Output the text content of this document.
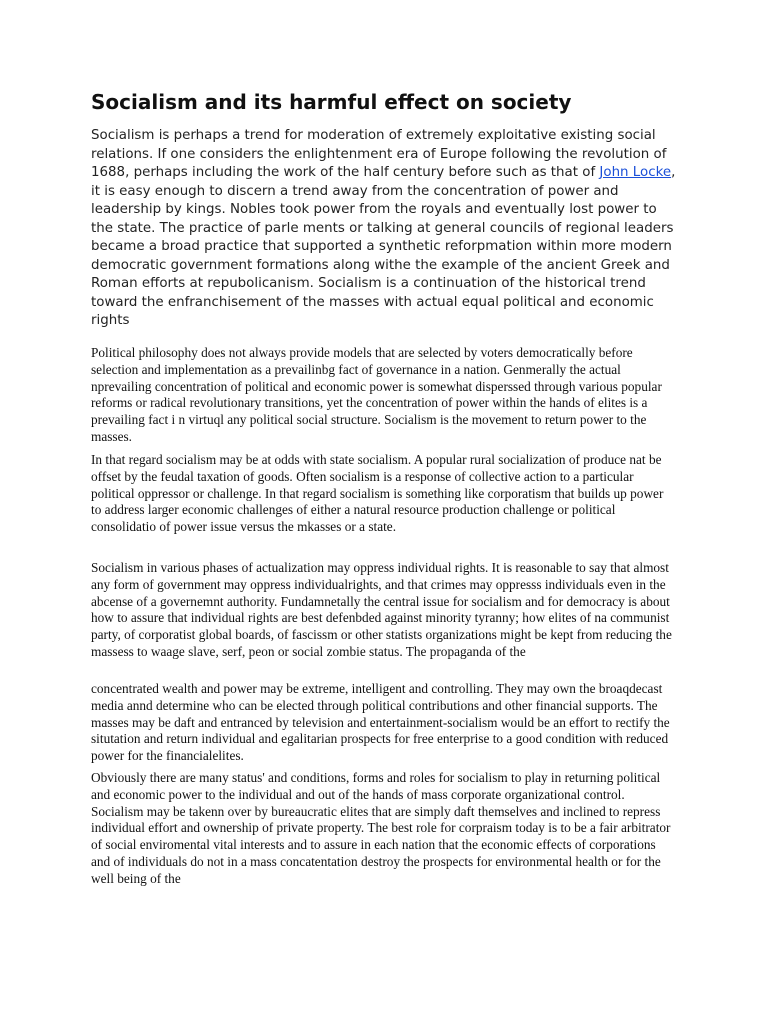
Socialism and its harmful effect on society

Socialism is perhaps a trend for moderation of extremely exploitative existing social relations. If one considers the enlightenment era of Europe following the revolution of 1688, perhaps including the work of the half century before such as that of John Locke, it is easy enough to discern a trend away from the concentration of power and leadership by kings. Nobles took power from the royals and eventually lost power to the state. The practice of parle ments or talking at general councils of regional leaders became a broad practice that supported a synthetic reforpmation within more modern democratic government formations along withe the example of the ancient Greek and Roman efforts at repubolicanism. Socialism is a continuation of the historical trend toward the enfranchisement of the masses with actual equal political and economic rights

Political philosophy does not always provide models that are selected by voters democratically before selection and implementation as a prevailinbg fact of governance in a nation. Genmerally the actual nprevailing concentration of political and economic power is somewhat disperssed through various popular reforms or radical revolutionary transitions, yet the concentration of power within the hands of elites is a prevailing fact i n virtuql any political social structure. Socialism is the movement to return power to the masses.

In that regard socialism may be at odds with state socialism. A popular rural socialization of produce nat be offset by the feudal taxation of goods. Often socialism is a response of collective action to a particular political oppressor or challenge. In that regard socialism is something like corporatism that builds up power to address larger economic challenges of either a natural resource production challenge or political consolidatio of power issue versus the mkasses or a state.

Socialism in various phases of actualization may oppress individual rights. It is reasonable to say that almost any form of government may oppress individualrights, and that crimes may oppresss individuals even in the abcense of a governemnt authority. Fundamnetally the central issue for socialism and for democracy is about how to assure that individual rights are best defenbded against minority tyranny; how elites of na communist party, of corporatist global boards, of fascissm or other statists organizations might be kept from reducing the massess to waage slave, serf, peon or social zombie status. The propaganda of the

concentrated wealth and power may be extreme, intelligent and controlling. They may own the broaqdecast media annd determine who can be elected through political contributions and other financial supports. The masses may be daft and entranced by television and entertainment-socialism would be an effort to rectify the situtation and return individual and egalitarian prospects for free enterprise to a good condition with reduced power for the financialelites.

Obviously there are many status' and conditions, forms and roles for socialism to play in returning political and economic power to the individual and out of the hands of mass corporate organizational control. Socialism may be takenn over by bureaucratic elites that are simply daft themselves and inclined to repress individual effort and ownership of private property. The best role for corpraism today is to be a fair arbitrator of social enviromental vital interests and to assure in each nation that the economic effects of corporations and of individuals do not in a mass concatentation destroy the prospects for environmental health or for the well being of the
